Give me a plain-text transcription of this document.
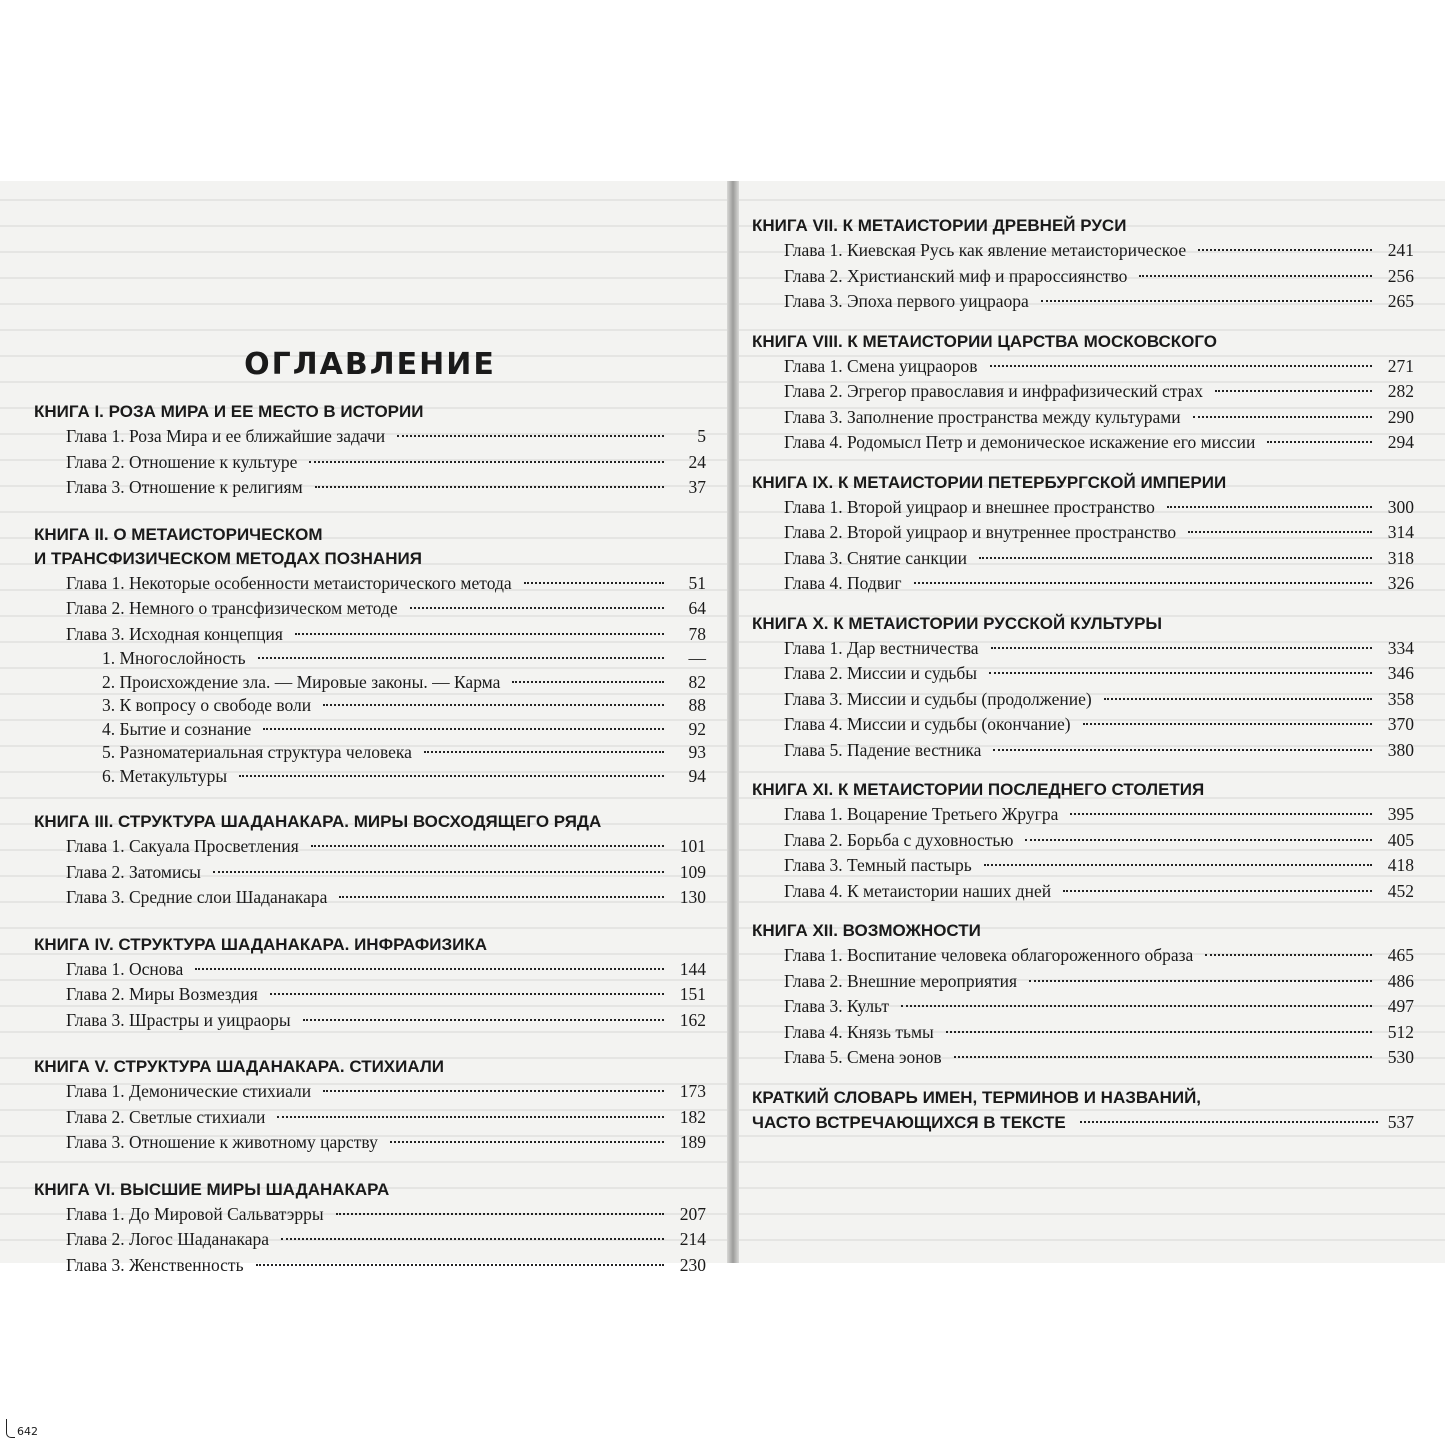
ОГЛАВЛЕНИЕ
КНИГА I. РОЗА МИРА И ЕЕ МЕСТО В ИСТОРИИ
Глава 1. Роза Мира и ее ближайшие задачи	5
Глава 2. Отношение к культуре	24
Глава 3. Отношение к религиям	37
КНИГА II. О МЕТАИСТОРИЧЕСКОМ
И ТРАНСФИЗИЧЕСКОМ МЕТОДАХ ПОЗНАНИЯ
Глава 1. Некоторые особенности метаисторического метода	51
Глава 2. Немного о трансфизическом методе	64
Глава 3. Исходная концепция	78
1. Многослойность	—
2. Происхождение зла. — Мировые законы. — Карма	82
3. К вопросу о свободе воли	88
4. Бытие и сознание	92
5. Разноматериальная структура человека	93
6. Метакультуры	94
КНИГА III. СТРУКТУРА ШАДАНАКАРА. МИРЫ ВОСХОДЯЩЕГО РЯДА
Глава 1. Сакуала Просветления	101
Глава 2. Затомисы	109
Глава 3. Средние слои Шаданакара	130
КНИГА IV. СТРУКТУРА ШАДАНАКАРА. ИНФРАФИЗИКА
Глава 1. Основа	144
Глава 2. Миры Возмездия	151
Глава 3. Шрастры и уицраоры	162
КНИГА V. СТРУКТУРА ШАДАНАКАРА. СТИХИАЛИ
Глава 1. Демонические стихиали	173
Глава 2. Светлые стихиали	182
Глава 3. Отношение к животному царству	189
КНИГА VI. ВЫСШИЕ МИРЫ ШАДАНАКАРА
Глава 1. До Мировой Сальватэрры	207
Глава 2. Логос Шаданакара	214
Глава 3. Женственность	230
642
КНИГА VII. К МЕТАИСТОРИИ ДРЕВНЕЙ РУСИ
Глава 1. Киевская Русь как явление метаисторическое	241
Глава 2. Христианский миф и прароссиянство	256
Глава 3. Эпоха первого уицраора	265
КНИГА VIII. К МЕТАИСТОРИИ ЦАРСТВА МОСКОВСКОГО
Глава 1. Смена уицраоров	271
Глава 2. Эгрегор православия и инфрафизический страх	282
Глава 3. Заполнение пространства между культурами	290
Глава 4. Родомысл Петр и демоническое искажение его миссии	294
КНИГА IX. К МЕТАИСТОРИИ ПЕТЕРБУРГСКОЙ ИМПЕРИИ
Глава 1. Второй уицраор и внешнее пространство	300
Глава 2. Второй уицраор и внутреннее пространство	314
Глава 3. Снятие санкции	318
Глава 4. Подвиг	326
КНИГА X. К МЕТАИСТОРИИ РУССКОЙ КУЛЬТУРЫ
Глава 1. Дар вестничества	334
Глава 2. Миссии и судьбы	346
Глава 3. Миссии и судьбы (продолжение)	358
Глава 4. Миссии и судьбы (окончание)	370
Глава 5. Падение вестника	380
КНИГА XI. К МЕТАИСТОРИИ ПОСЛЕДНЕГО СТОЛЕТИЯ
Глава 1. Воцарение Третьего Жругра	395
Глава 2. Борьба с духовностью	405
Глава 3. Темный пастырь	418
Глава 4. К метаистории наших дней	452
КНИГА XII. ВОЗМОЖНОСТИ
Глава 1. Воспитание человека облагороженного образа	465
Глава 2. Внешние мероприятия	486
Глава 3. Культ	497
Глава 4. Князь тьмы	512
Глава 5. Смена эонов	530
КРАТКИЙ СЛОВАРЬ ИМЕН, ТЕРМИНОВ И НАЗВАНИЙ,
ЧАСТО ВСТРЕЧАЮЩИХСЯ В ТЕКСТЕ	537
